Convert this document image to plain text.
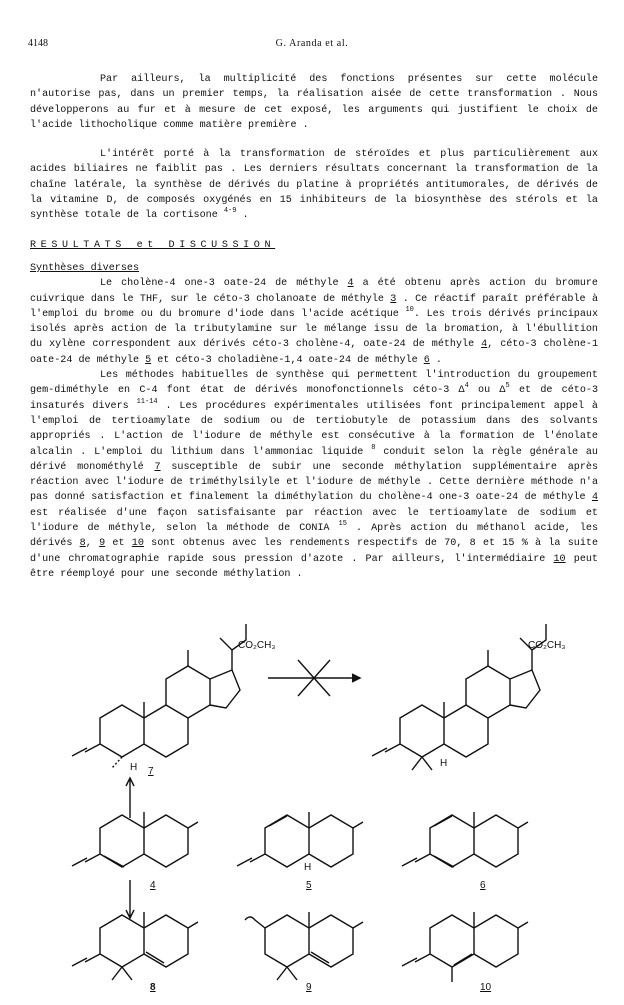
4148	G. Aranda et al.

Par ailleurs, la multiplicité des fonctions présentes sur cette molécule n'autorise pas, dans un premier temps, la réalisation aisée de cette transformation . Nous développerons au fur et à mesure de cet exposé, les arguments qui justifient le choix de l'acide lithocholique comme matière première .

L'intérêt porté à la transformation de stéroïdes et plus particulièrement aux acides biliaires ne faiblit pas . Les derniers résultats concernant la transformation de la chaîne latérale, la synthèse de dérivés du platine à propriétés antitumorales, de dérivés de la vitamine D, de composés oxygénés en 15 inhibiteurs de la biosynthèse des stérols et la synthèse totale de la cortisone $^{4-9}$ .

RESULTATS et DISCUSSION
Synthèses diverses

Le cholène-4 one-3 oate-24 de méthyle 4 a été obtenu après action du bromure cuivrique dans le THF, sur le céto-3 cholanoate de méthyle 3 . Ce réactif paraît préférable à l'emploi du brome ou du bromure d'iode dans l'acide acétique $^{10}$. Les trois dérivés principaux isolés après action de la tributylamine sur le mélange issu de la bromation, à l'ébullition du xylène correspondent aux dérivés céto-3 cholène-4, oate-24 de méthyle 4, céto-3 cholène-1 oate-24 de méthyle 5 et céto-3 choladiène-1,4 oate-24 de méthyle 6 .

Les méthodes habituelles de synthèse qui permettent l'introduction du groupement gem-diméthyle en C-4 font état de dérivés monofonctionnels céto-3 $\Delta^4$ ou $\Delta^5$ et de céto-3 insaturés divers $^{11-14}$ . Les procédures expérimentales utilisées font principalement appel à l'emploi de tertioamylate de sodium ou de tertiobutyle de potassium dans des solvants appropriés . L'action de l'iodure de méthyle est consécutive à la formation de l'énolate alcalin . L'emploi du lithium dans l'ammoniac liquide $^8$ conduit selon la règle générale au dérivé monométhylé 7 susceptible de subir une seconde méthylation supplémentaire après réaction avec l'iodure de triméthylsilyle et l'iodure de méthyle . Cette dernière méthode n'a pas donné satisfaction et finalement la diméthylation du cholène-4 one-3 oate-24 de méthyle 4 est réalisée d'une façon satisfaisante par réaction avec le tertioamylate de sodium et l'iodure de méthyle, selon la méthode de CONIA $^{15}$ . Après action du méthanol acide, les dérivés 8, 9 et 10 sont obtenus avec les rendements respectifs de 70, 8 et 15 % à la suite d'une chromatographie rapide sous pression d'azote . Par ailleurs, l'intermédiaire 10 peut être réemployé pour une seconde méthylation .

CO₂CH₃
H 7
CO₂CH₃
H
4
H
5	6
8	9	10
